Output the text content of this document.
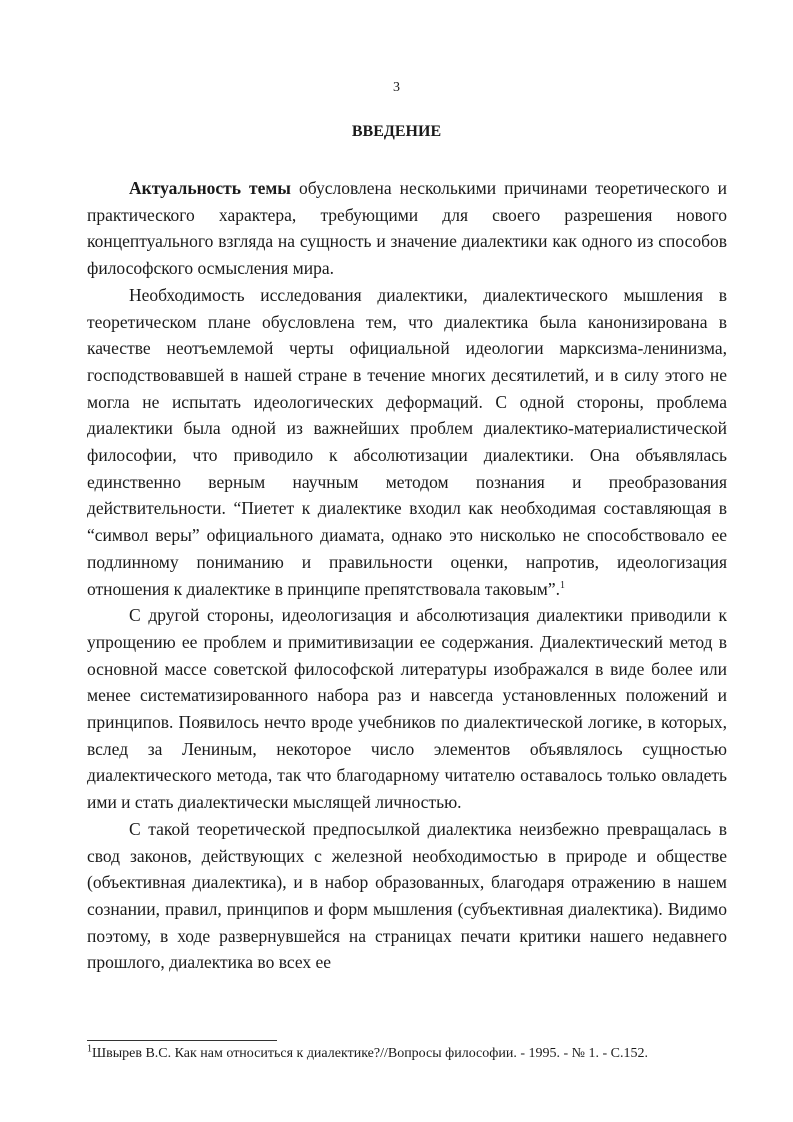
3
ВВЕДЕНИЕ

Актуальность темы обусловлена несколькими причинами теоретического и практического характера, требующими для своего разрешения нового концептуального взгляда на сущность и значение диалектики как одного из способов философского осмысления мира.

Необходимость исследования диалектики, диалектического мышления в теоретическом плане обусловлена тем, что диалектика была канонизирована в качестве неотъемлемой черты официальной идеологии марксизма-ленинизма, господствовавшей в нашей стране в течение многих десятилетий, и в силу этого не могла не испытать идеологических деформаций. С одной стороны, проблема диалектики была одной из важнейших проблем диалектико-материалистической философии, что приводило к абсолютизации диалектики. Она объявлялась единственно верным научным методом познания и преобразования действительности. “Пиетет к диалектике входил как необходимая составляющая в “символ веры” официального диамата, однако это нисколько не способствовало ее подлинному пониманию и правильности оценки, напротив, идеологизация отношения к диалектике в принципе препятствовала таковым”.$^1$

С другой стороны, идеологизация и абсолютизация диалектики приводили к упрощению ее проблем и примитивизации ее содержания. Диалектический метод в основной массе советской философской литературы изображался в виде более или менее систематизированного набора раз и навсегда установленных положений и принципов. Появилось нечто вроде учебников по диалектической логике, в которых, вслед за Лениным, некоторое число элементов объявлялось сущностью диалектического метода, так что благодарному читателю оставалось только овладеть ими и стать диалектически мыслящей личностью.

С такой теоретической предпосылкой диалектика неизбежно превращалась в свод законов, действующих с железной необходимостью в природе и обществе (объективная диалектика), и в набор образованных, благодаря отражению в нашем сознании, правил, принципов и форм мышления (субъективная диалектика). Видимо поэтому, в ходе развернувшейся на страницах печати критики нашего недавнего прошлого, диалектика во всех ее

$^1$Швырев В.С. Как нам относиться к диалектике?//Вопросы философии. - 1995. - № 1. - С.152.
